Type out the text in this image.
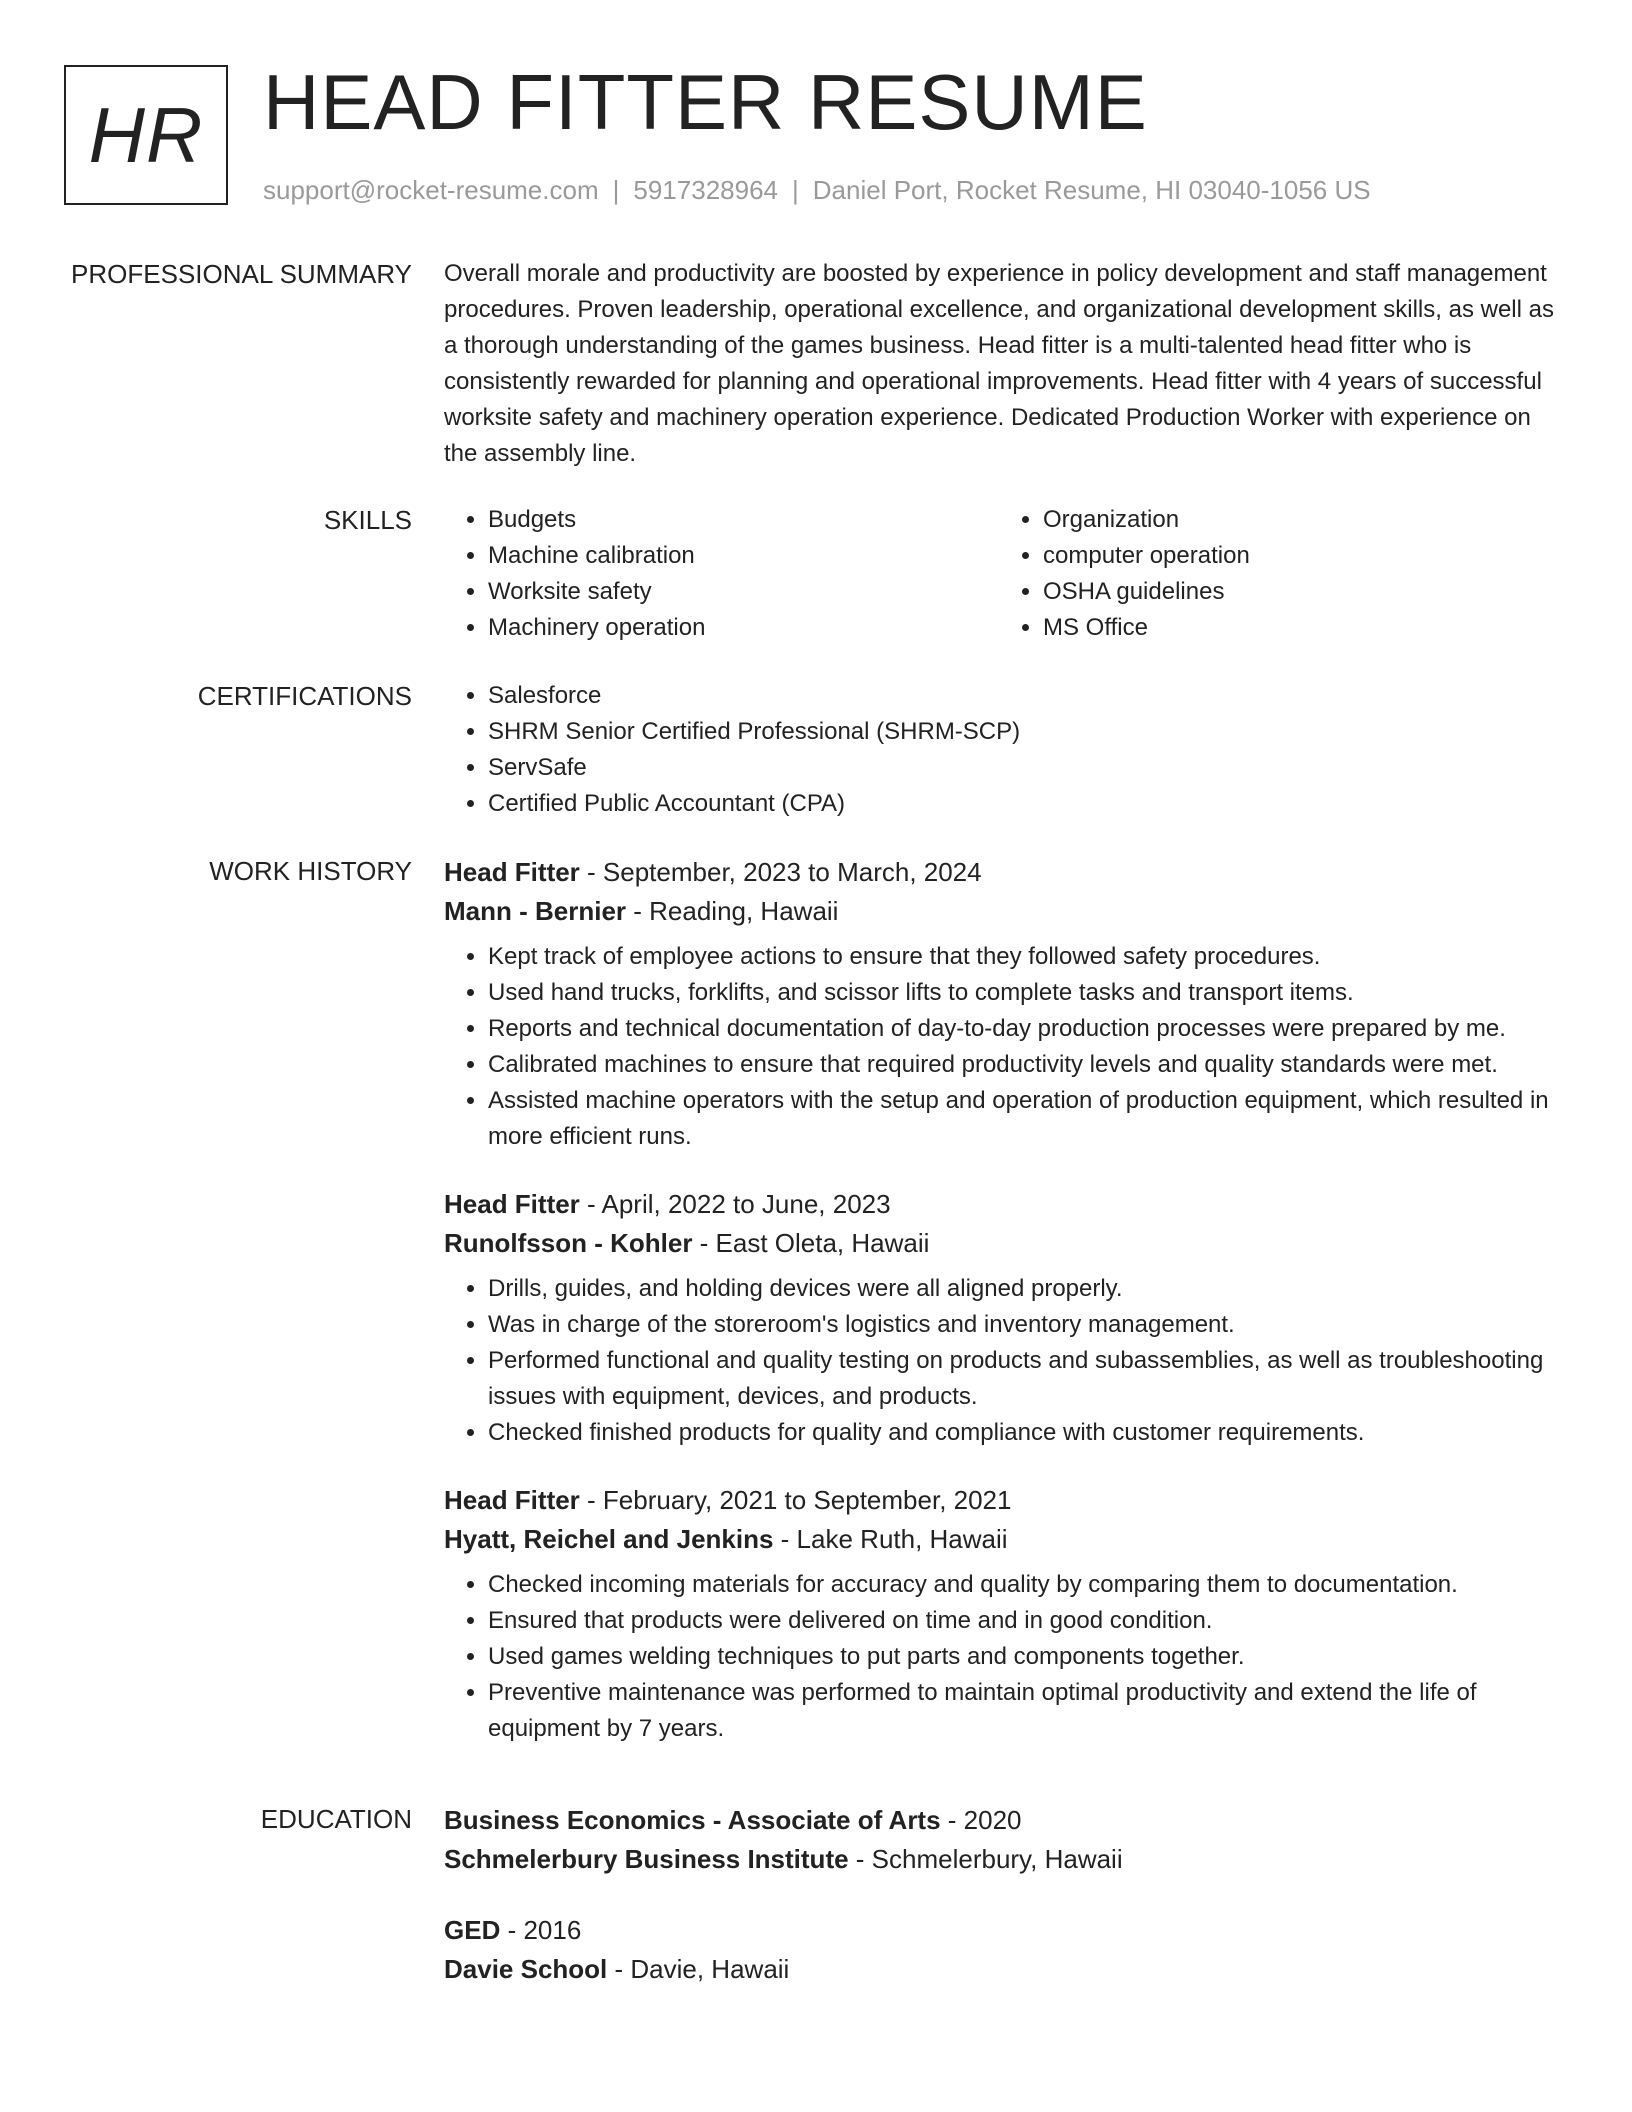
HR HEAD FITTER RESUME
support@rocket-resume.com | 5917328964 | Daniel Port, Rocket Resume, HI 03040-1056 US
PROFESSIONAL SUMMARY Overall morale and productivity are boosted by experience in policy development and staff management procedures. Proven leadership, operational excellence, and organizational development skills, as well as a thorough understanding of the games business. Head fitter is a multi-talented head fitter who is consistently rewarded for planning and operational improvements. Head fitter with 4 years of successful worksite safety and machinery operation experience. Dedicated Production Worker with experience on the assembly line.

SKILLS	• Budgets
• Machine calibration
• Worksite safety
• Machinery operation
• Organization
• computer operation
• OSHA guidelines
• MS Office
CERTIFICATIONS	• Salesforce
• SHRM Senior Certified Professional (SHRM-SCP)
• ServSafe
• Certified Public Accountant (CPA)
WORK HISTORY Head Fitter - September, 2023 to March, 2024
Mann - Bernier - Reading, Hawaii
• Kept track of employee actions to ensure that they followed safety procedures.
• Used hand trucks, forklifts, and scissor lifts to complete tasks and transport items.
• Reports and technical documentation of day-to-day production processes were prepared by me.
• Calibrated machines to ensure that required productivity levels and quality standards were met.
• Assisted machine operators with the setup and operation of production equipment, which resulted in more efficient runs.
Head Fitter - April, 2022 to June, 2023
Runolfsson - Kohler - East Oleta, Hawaii
• Drills, guides, and holding devices were all aligned properly.
• Was in charge of the storeroom's logistics and inventory management.
• Performed functional and quality testing on products and subassemblies, as well as troubleshooting issues with equipment, devices, and products.
• Checked finished products for quality and compliance with customer requirements.
Head Fitter - February, 2021 to September, 2021
Hyatt, Reichel and Jenkins - Lake Ruth, Hawaii
• Checked incoming materials for accuracy and quality by comparing them to documentation.
• Ensured that products were delivered on time and in good condition.
• Used games welding techniques to put parts and components together.
• Preventive maintenance was performed to maintain optimal productivity and extend the life of equipment by 7 years.
EDUCATION Business Economics - Associate of Arts - 2020
Schmelerbury Business Institute - Schmelerbury, Hawaii
GED - 2016
Davie School - Davie, Hawaii
